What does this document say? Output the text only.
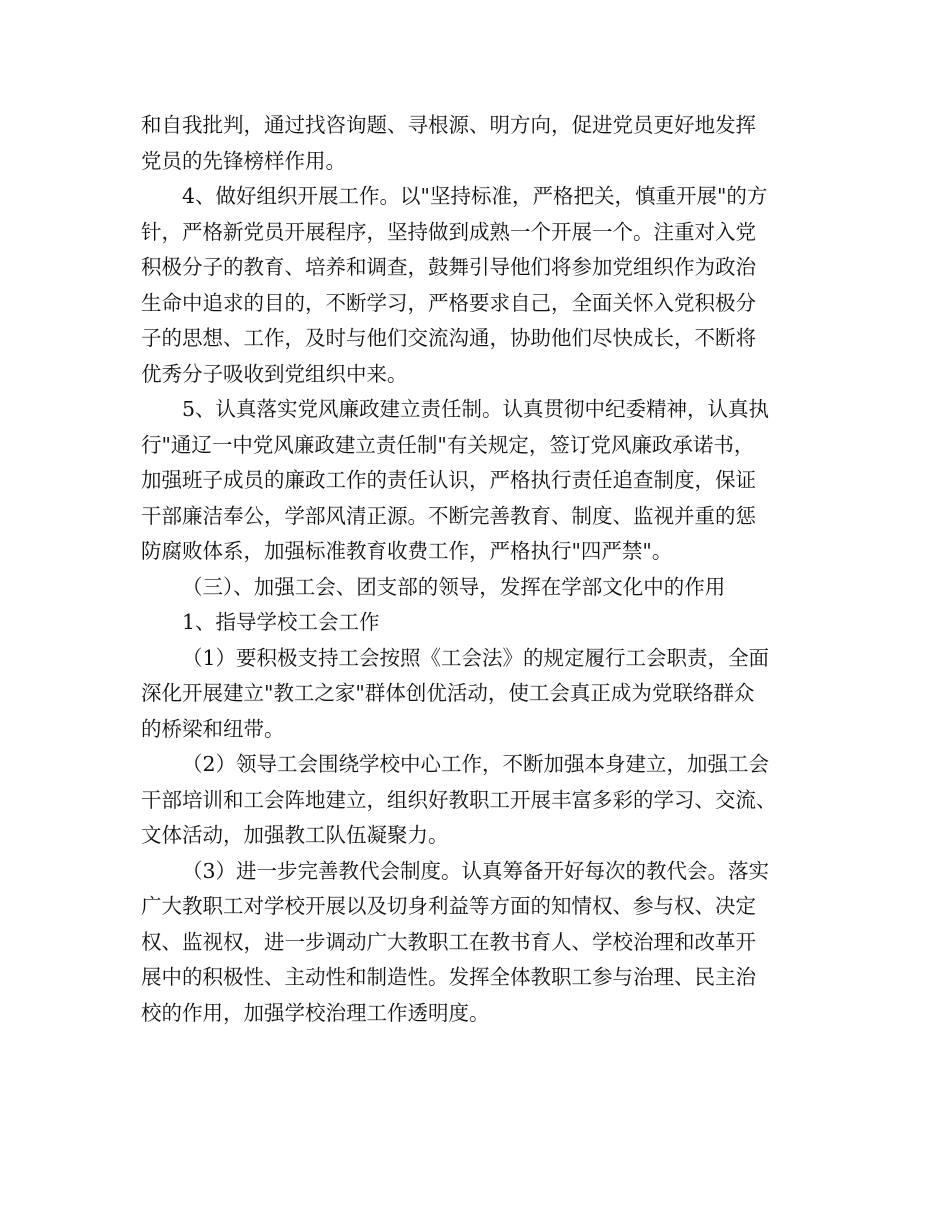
和自我批判，通过找咨询题、寻根源、明方向，促进党员更好地发挥
党员的先锋榜样作用。
4、做好组织开展工作。以"坚持标准，严格把关，慎重开展"的方
针，严格新党员开展程序，坚持做到成熟一个开展一个。注重对入党
积极分子的教育、培养和调查，鼓舞引导他们将参加党组织作为政治
生命中追求的目的，不断学习，严格要求自己，全面关怀入党积极分
子的思想、工作，及时与他们交流沟通，协助他们尽快成长，不断将
优秀分子吸收到党组织中来。
5、认真落实党风廉政建立责任制。认真贯彻中纪委精神，认真执
行"通辽一中党风廉政建立责任制"有关规定，签订党风廉政承诺书，
加强班子成员的廉政工作的责任认识，严格执行责任追查制度，保证
干部廉洁奉公，学部风清正源。不断完善教育、制度、监视并重的惩
防腐败体系，加强标准教育收费工作，严格执行"四严禁"。
（三）、加强工会、团支部的领导，发挥在学部文化中的作用
1、指导学校工会工作
（1）要积极支持工会按照《工会法》的规定履行工会职责，全面
深化开展建立"教工之家"群体创优活动，使工会真正成为党联络群众
的桥梁和纽带。
（2）领导工会围绕学校中心工作，不断加强本身建立，加强工会
干部培训和工会阵地建立，组织好教职工开展丰富多彩的学习、交流、
文体活动，加强教工队伍凝聚力。
（3）进一步完善教代会制度。认真筹备开好每次的教代会。落实
广大教职工对学校开展以及切身利益等方面的知情权、参与权、决定
权、监视权，进一步调动广大教职工在教书育人、学校治理和改革开
展中的积极性、主动性和制造性。发挥全体教职工参与治理、民主治
校的作用，加强学校治理工作透明度。
